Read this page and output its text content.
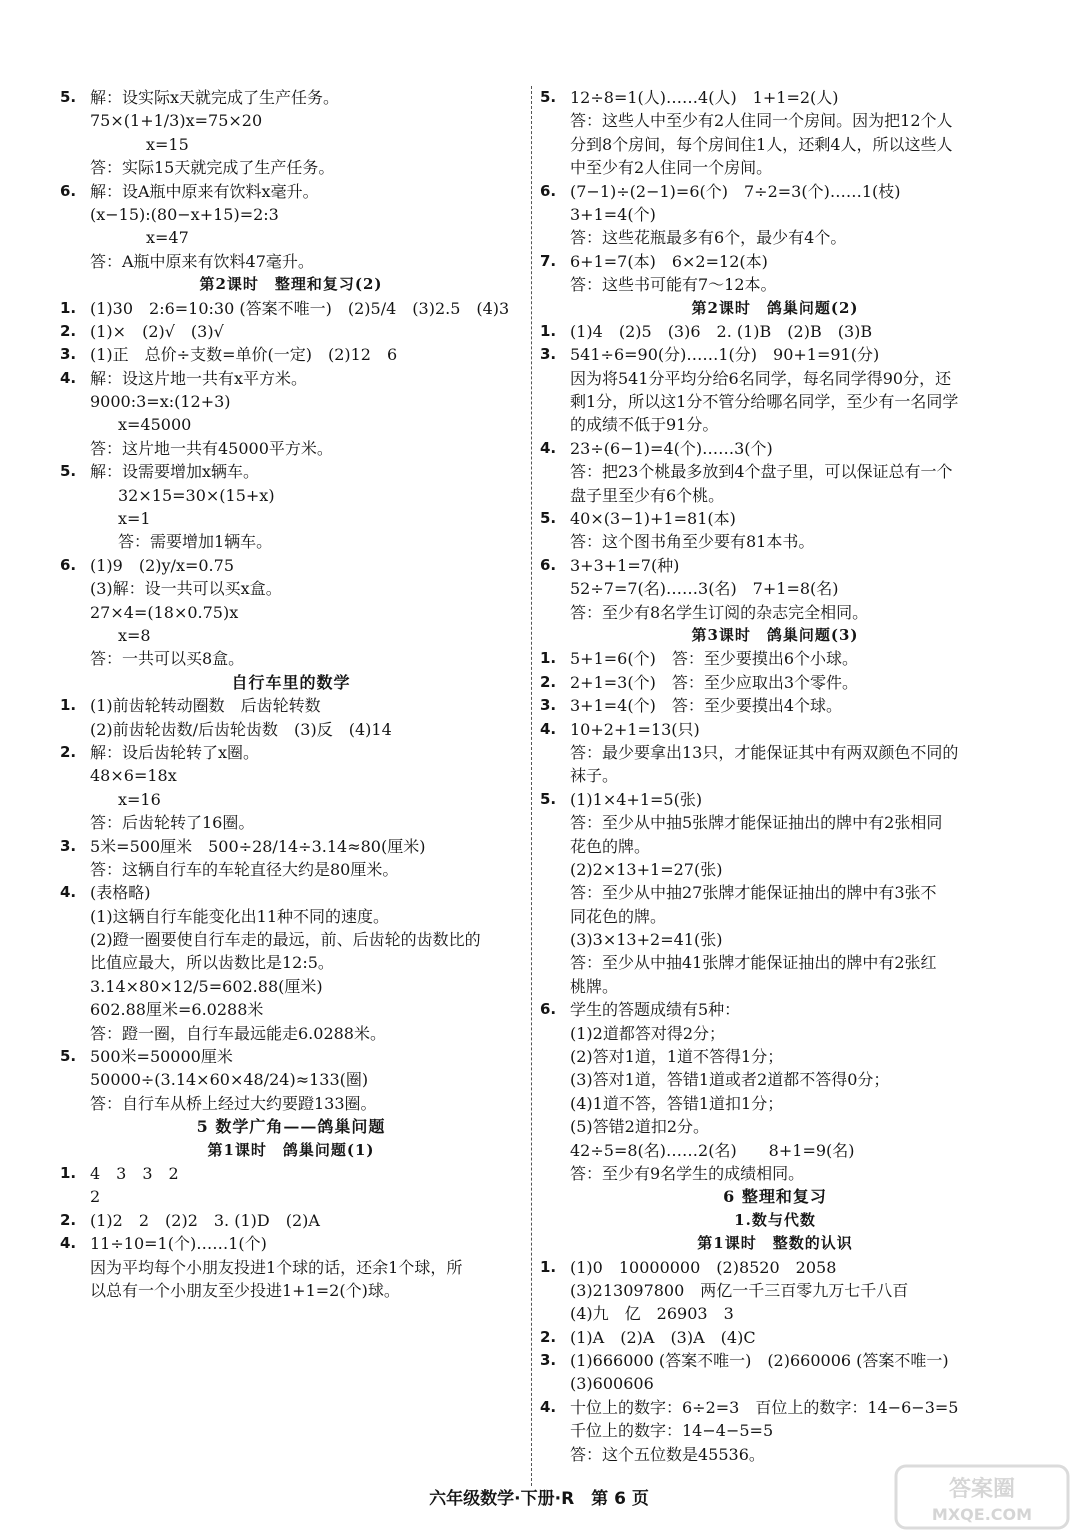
5. 解：设实际x天就完成了生产任务。
75×(1+1/3)x=75×20
x=15
答：实际15天就完成了生产任务。
6. 解：设A瓶中原来有饮料x毫升。
(x−15):(80−x+15)=2:3
x=47
答：A瓶中原来有饮料47毫升。
第2课时　整理和复习(2)
1. (1)30　2:6=10:30 (答案不唯一)　(2)5/4　(3)2.5　(4)3
2. (1)×　(2)√　(3)√
3. (1)正　总价÷支数=单价(一定)　(2)12　6
4. 解：设这片地一共有x平方米。
9000:3=x:(12+3)
x=45000
答：这片地一共有45000平方米。
5. 解：设需要增加x辆车。
32×15=30×(15+x)
x=1
答：需要增加1辆车。
6. (1)9　(2)y/x=0.75
(3)解：设一共可以买x盒。
27×4=(18×0.75)x
x=8
答：一共可以买8盒。
自行车里的数学
1. (1)前齿轮转动圈数　后齿轮转数
(2)前齿轮齿数/后齿轮齿数　(3)反　(4)14
2. 解：设后齿轮转了x圈。
48×6=18x
x=16
答：后齿轮转了16圈。
3. 5米=500厘米　500÷28/14÷3.14≈80(厘米)
答：这辆自行车的车轮直径大约是80厘米。
4. (表格略)
(1)这辆自行车能变化出11种不同的速度。
(2)蹬一圈要使自行车走的最远，前、后齿轮的齿数比的
比值应最大，所以齿数比是12:5。
3.14×80×12/5=602.88(厘米)
602.88厘米=6.0288米
答：蹬一圈，自行车最远能走6.0288米。
5. 500米=50000厘米
50000÷(3.14×60×48/24)≈133(圈)
答：自行车从桥上经过大约要蹬133圈。
5 数学广角——鸽巢问题
第1课时　鸽巢问题(1)
1. 4　3　3　2
2
2. (1)2　2　(2)2　3. (1)D　(2)A
4. 11÷10=1(个)……1(个)
因为平均每个小朋友投进1个球的话，还余1个球，所
以总有一个小朋友至少投进1+1=2(个)球。
5. 12÷8=1(人)……4(人)　1+1=2(人)
答：这些人中至少有2人住同一个房间。因为把12个人
分到8个房间，每个房间住1人，还剩4人，所以这些人
中至少有2人住同一个房间。
6. (7−1)÷(2−1)=6(个)　7÷2=3(个)……1(枝)
3+1=4(个)
答：这些花瓶最多有6个，最少有4个。
7. 6+1=7(本)　6×2=12(本)
答：这些书可能有7～12本。
第2课时　鸽巢问题(2)
1. (1)4　(2)5　(3)6　2. (1)B　(2)B　(3)B
3. 541÷6=90(分)……1(分)　90+1=91(分)
因为将541分平均分给6名同学，每名同学得90分，还
剩1分，所以这1分不管分给哪名同学，至少有一名同学
的成绩不低于91分。
4. 23÷(6−1)=4(个)……3(个)
答：把23个桃最多放到4个盘子里，可以保证总有一个
盘子里至少有6个桃。
5. 40×(3−1)+1=81(本)
答：这个图书角至少要有81本书。
6. 3+3+1=7(种)
52÷7=7(名)……3(名)　7+1=8(名)
答：至少有8名学生订阅的杂志完全相同。
第3课时　鸽巢问题(3)
1. 5+1=6(个)　答：至少要摸出6个小球。
2. 2+1=3(个)　答：至少应取出3个零件。
3. 3+1=4(个)　答：至少要摸出4个球。
4. 10+2+1=13(只)
答：最少要拿出13只，才能保证其中有两双颜色不同的
袜子。
5. (1)1×4+1=5(张)
答：至少从中抽5张牌才能保证抽出的牌中有2张相同
花色的牌。
(2)2×13+1=27(张)
答：至少从中抽27张牌才能保证抽出的牌中有3张不
同花色的牌。
(3)3×13+2=41(张)
答：至少从中抽41张牌才能保证抽出的牌中有2张红
桃牌。
6. 学生的答题成绩有5种：
(1)2道都答对得2分；
(2)答对1道，1道不答得1分；
(3)答对1道，答错1道或者2道都不答得0分；
(4)1道不答，答错1道扣1分；
(5)答错2道扣2分。
42÷5=8(名)……2(名)　　8+1=9(名)
答：至少有9名学生的成绩相同。
6 整理和复习
1.数与代数
第1课时　整数的认识
1. (1)0　10000000　(2)8520　2058
(3)213097800　两亿一千三百零九万七千八百
(4)九　亿　26903　3
2. (1)A　(2)A　(3)A　(4)C
3. (1)666000 (答案不唯一)　(2)660006 (答案不唯一)
(3)600606
4. 十位上的数字：6÷2=3　百位上的数字：14−6−3=5
千位上的数字：14−4−5=5
答：这个五位数是45536。
六年级数学·下册·R　第 6 页	答案圈
MXQE.COM
